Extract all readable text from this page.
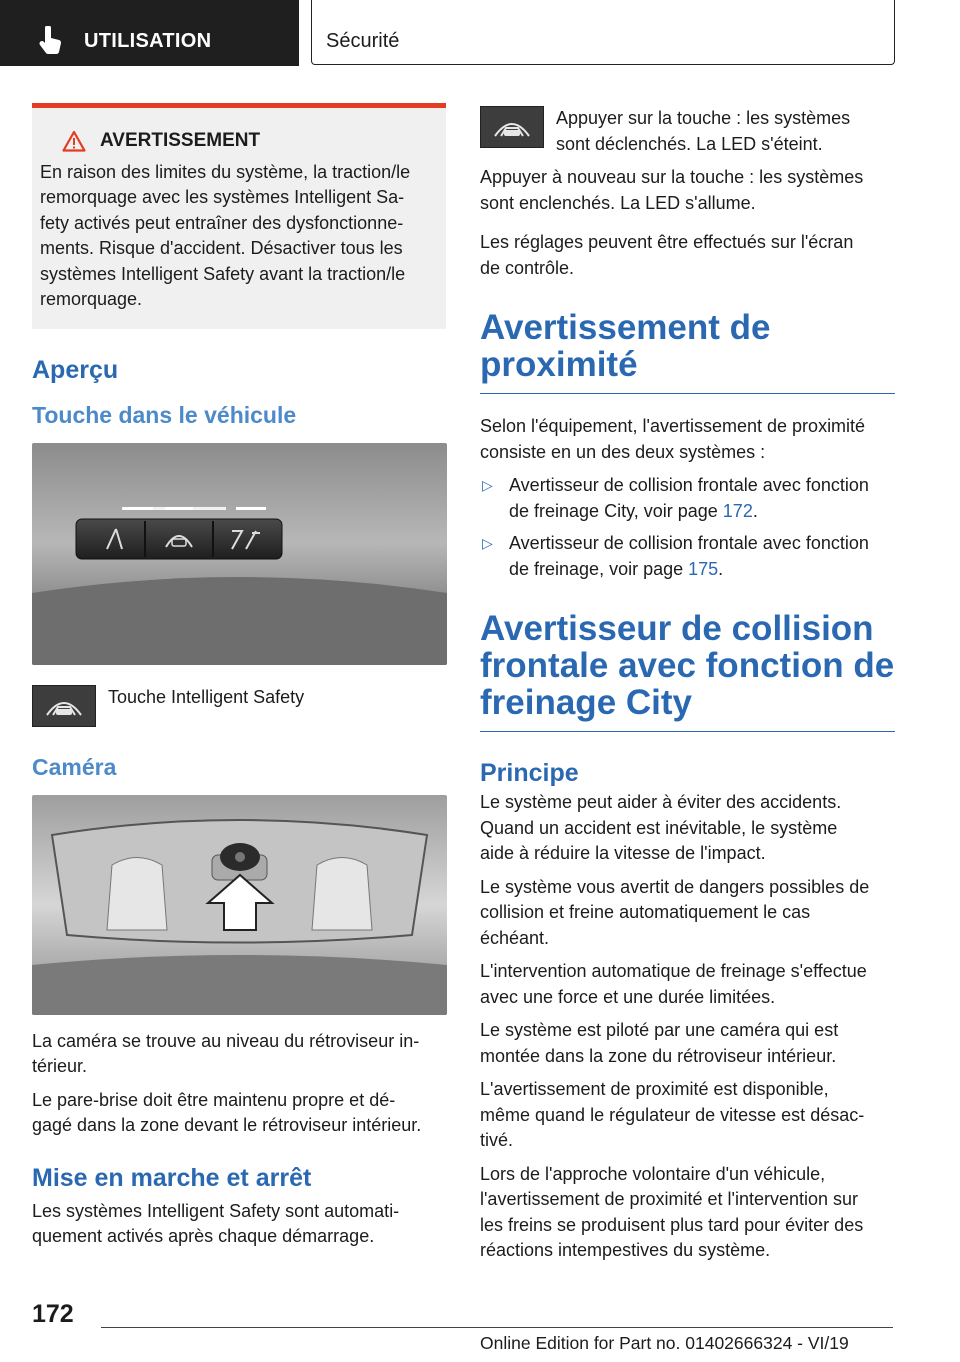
UTILISATION	Sécurité
AVERTISSEMENT
En raison des limites du système, la traction/le
remorquage avec les systèmes Intelligent Sa-
fety activés peut entraîner des dysfonctionne-
ments. Risque d'accident. Désactiver tous les
systèmes Intelligent Safety avant la traction/le
remorquage.
Aperçu
Touche dans le véhicule
Touche Intelligent Safety
Caméra

La caméra se trouve au niveau du rétroviseur in-
térieur.

Le pare-brise doit être maintenu propre et dé-
gagé dans la zone devant le rétroviseur intérieur.

Mise en marche et arrêt

Les systèmes Intelligent Safety sont automati-
quement activés après chaque démarrage.

Appuyer sur la touche : les systèmes
sont déclenchés. La LED s'éteint.

Appuyer à nouveau sur la touche : les systèmes
sont enclenchés. La LED s'allume.

Les réglages peuvent être effectués sur l'écran
de contrôle.

Avertissement de proximité

Selon l'équipement, l'avertissement de proximité
consiste en un des deux systèmes :

▷ Avertisseur de collision frontale avec fonction
de freinage City, voir page 172.
▷ Avertisseur de collision frontale avec fonction
de freinage, voir page 175.
Avertisseur de collision
frontale avec fonction de
freinage City
Principe

Le système peut aider à éviter des accidents.
Quand un accident est inévitable, le système
aide à réduire la vitesse de l'impact.

Le système vous avertit de dangers possibles de
collision et freine automatiquement le cas
échéant.

L'intervention automatique de freinage s'effectue
avec une force et une durée limitées.

Le système est piloté par une caméra qui est
montée dans la zone du rétroviseur intérieur.

L'avertissement de proximité est disponible,
même quand le régulateur de vitesse est désac-
tivé.

Lors de l'approche volontaire d'un véhicule,
l'avertissement de proximité et l'intervention sur
les freins se produisent plus tard pour éviter des
réactions intempestives du système.

172
Online Edition for Part no. 01402666324 - VI/19
